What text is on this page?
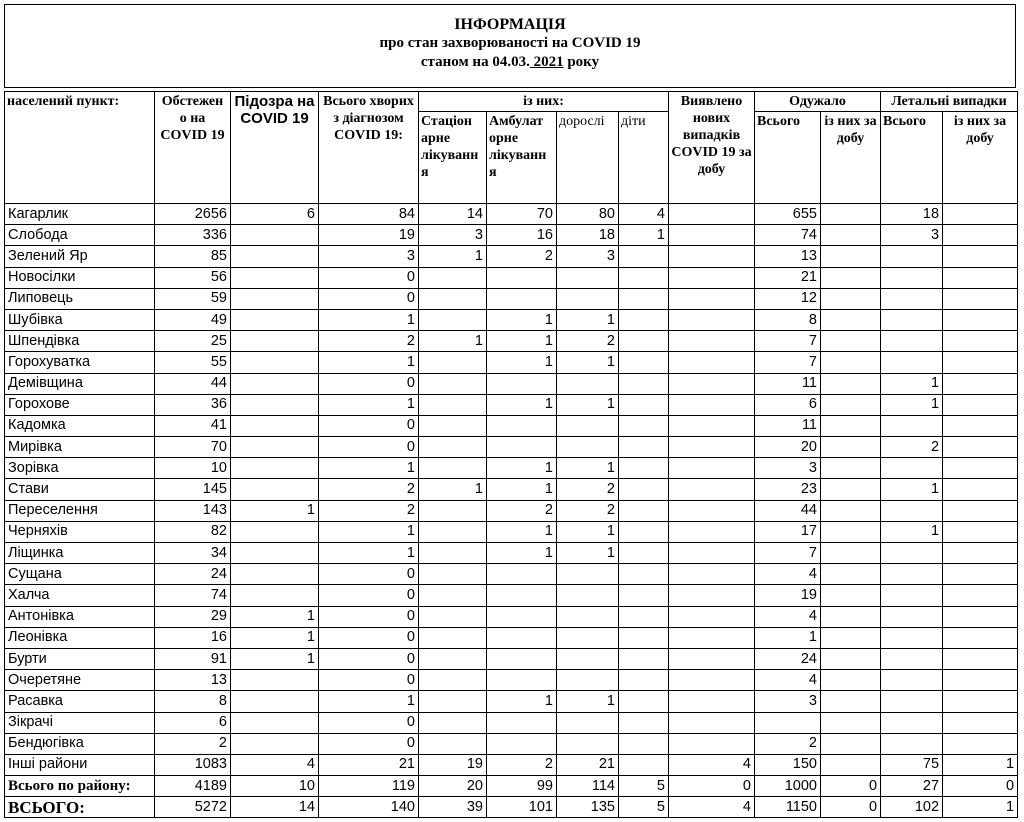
ІНФОРМАЦІЯ
про стан захворюваності на COVID 19
станом на 04.03. 2021 року
населений пункт:	Обстежен о на COVID 19	Підозра на COVID 19	Всього хворих з діагнозом COVID 19:	із них:				Виявлено нових випадків COVID 19 за добу	Одужало		Летальні випадки	
				Стаціон арне лікуванн я	Амбулат орне лікуванн я	дорослі	діти		Всього	із них за добу	Всього	із них за добу
Кагарлик	2656	6	84	14	70	80	4		655		18	
Слобода	336		19	3	16	18	1		74		3	
Зелений Яр	85		3	1	2	3			13			
Новосілки	56		0						21			
Липовець	59		0						12			
Шубівка	49		1		1	1			8			
Шпендівка	25		2	1	1	2			7			
Горохуватка	55		1		1	1			7			
Демівщина	44		0						11		1	
Горохове	36		1		1	1			6		1	
Кадомка	41		0						11			
Мирівка	70		0						20		2	
Зорівка	10		1		1	1			3			
Стави	145		2	1	1	2			23		1	
Переселення	143	1	2		2	2			44			
Черняхів	82		1		1	1			17		1	
Ліщинка	34		1		1	1			7			
Сущана	24		0						4			
Халча	74		0						19			
Антонівка	29	1	0						4			
Леонівка	16	1	0						1			
Бурти	91	1	0						24			
Очеретяне	13		0						4			
Расавка	8		1		1	1			3			
Зікрачі	6		0									
Бендюгівка	2		0						2			
Інші райони	1083	4	21	19	2	21		4	150		75	1
Всього по району:	4189	10	119	20	99	114	5	0	1000	0	27	0
ВСЬОГО:	5272	14	140	39	101	135	5	4	1150	0	102	1
